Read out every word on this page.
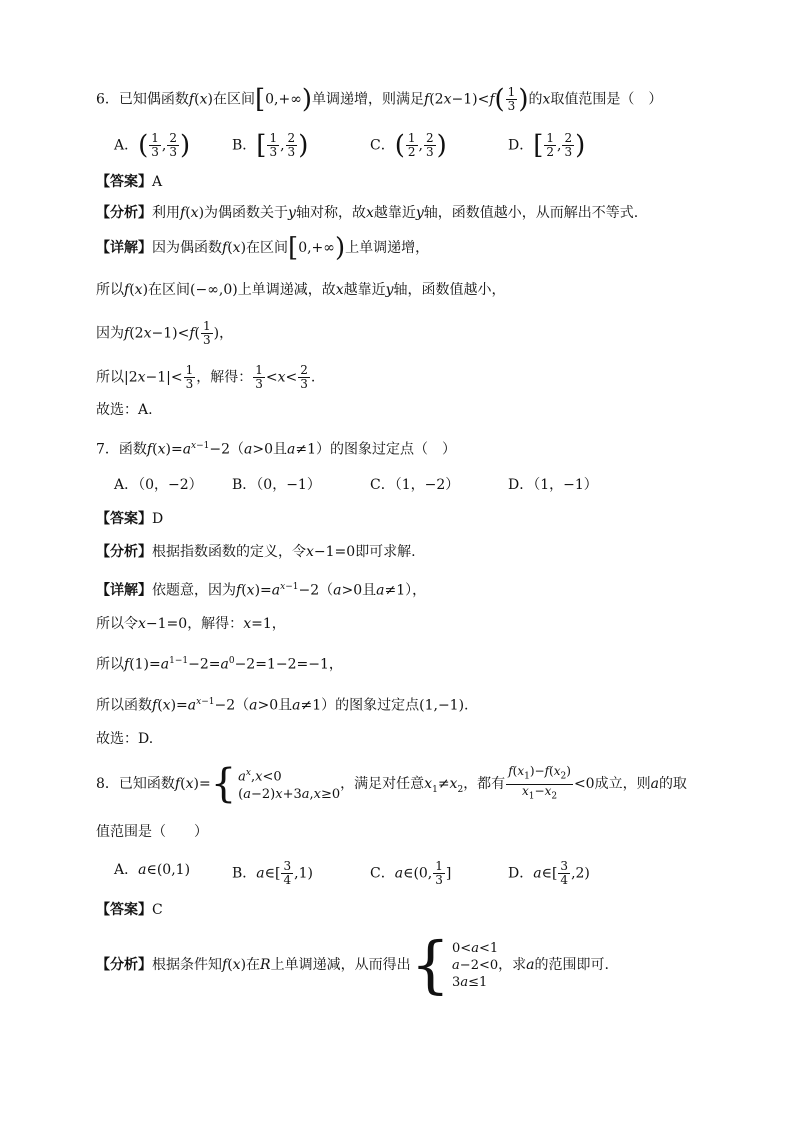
6．已知偶函数f(x)在区间[0,+∞)单调递增，则满足$f(2x-1)<f( \frac{1}{3}$ )的x取值范围是（　）
A．( $\frac{1}{3}$ , $\frac{2}{3}$ )	B．[ $\frac{1}{3}$ , $\frac{2}{3}$ )	C．( $\frac{1}{2}$ , $\frac{2}{3}$ )	D．[ $\frac{1}{2}$ , $\frac{2}{3}$ )
【答案】A
【分析】利用f(x)为偶函数关于y轴对称，故x越靠近y轴，函数值越小，从而解出不等式.
【详解】因为偶函数f(x)在区间[0,+∞)上单调递增，
所以f(x)在区间(−∞,0)上单调递减，故x越靠近y轴，函数值越小，
因为$f(2x-1)<f( \frac{1}{3}$ )，
所以$|2x-1|< \frac{1}{3}$ ，解得： $\frac{1}{3} <x< \frac{2}{3}$ .
故选：A.
7．函数$f(x)=a^{x-1}-2(a>0$且a≠1）的图象过定点（　）
A．（0，−2） B．（0，−1）	C．（1，−2）	D．（1，−1）
【答案】D
【分析】根据指数函数的定义，令x−1=0即可求解.
【详解】依题意，因为$f(x)=a^{x-1}-2(a>0$且a≠1），
所以令x−1=0，解得：x=1，
所以$f(1)=a^{1-1}-2=a^0-2=1-2=-1$，
所以函数$f(x)=a^{x-1}-2(a>0$且a≠1）的图象过定点(1,−1).
故选：D.
8．已知函数f(x)= { $a^x,x<0$
(a−2)x+3a,x≥0
，满足对任意$x_1\ne x_2$，都有 $\frac{f(x_1)-f(x_2)}{x_1-x_2} <0$成立，则a的取
值范围是（　　）
A．a∈(0,1)	B．a∈[ $\frac{3}{4} ,1$)	C．a∈(0, $\frac{1}{3}$ ]	D．a∈[ $\frac{3}{4} ,2$)
【答案】C
【分析】根据条件知f(x)在R上单调递减，从而得出 { 0<a<1
a−2<0
3a≤1
，求a的范围即可.
